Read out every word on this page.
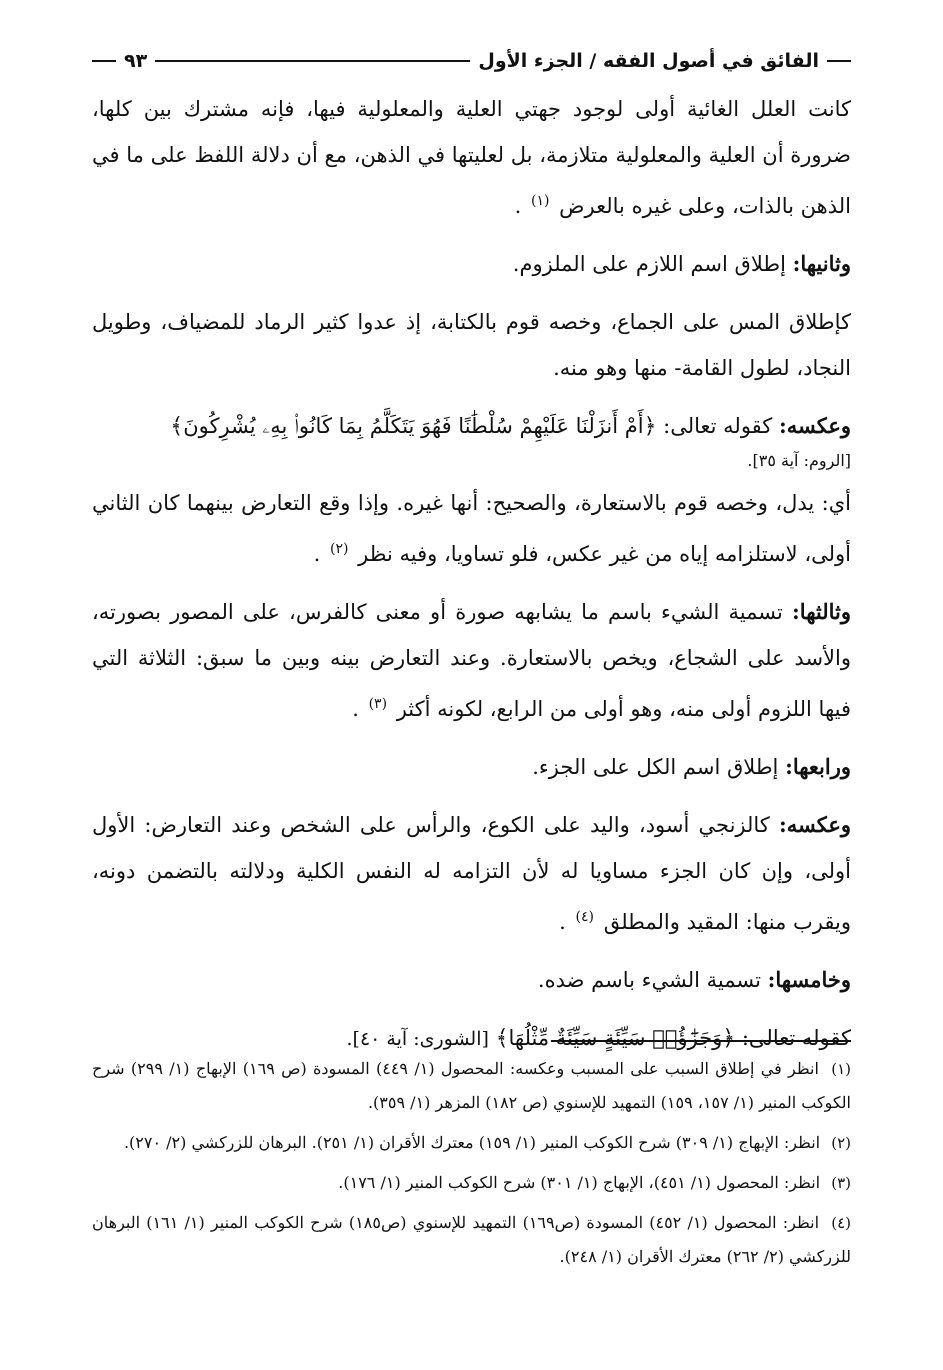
الفائق في أصول الفقه / الجزء الأول
٩٣

كانت العلل الغائية أولى لوجود جهتي العلية والمعلولية فيها، فإنه مشترك بين كلها، ضرورة أن العلية والمعلولية متلازمة، بل لعليتها في الذهن، مع أن دلالة اللفظ على ما في الذهن بالذات، وعلى غيره بالعرض $^{(١)}$ .

وثانيها: إطلاق اسم اللازم على الملزوم.

كإطلاق المس على الجماع، وخصه قوم بالكتابة، إذ عدوا كثير الرماد للمضياف، وطويل النجاد، لطول القامة- منها وهو منه.

وعكسه: كقوله تعالى: ﴿أَمْ أَنزَلْنَا عَلَيْهِمْ سُلْطَٰنًا فَهُوَ يَتَكَلَّمُ بِمَا كَانُوا۟ بِهِۦ يُشْرِكُونَ﴾
[الروم: آية ٣٥].

أي: يدل، وخصه قوم بالاستعارة، والصحيح: أنها غيره. وإذا وقع التعارض بينهما كان الثاني أولى، لاستلزامه إياه من غير عكس، فلو تساويا، وفيه نظر $^{(٢)}$ .

وثالثها: تسمية الشيء باسم ما يشابهه صورة أو معنى كالفرس، على المصور بصورته، والأسد على الشجاع، ويخص بالاستعارة. وعند التعارض بينه وبين ما سبق: الثلاثة التي فيها اللزوم أولى منه، وهو أولى من الرابع، لكونه أكثر $^{(٣)}$ .

ورابعها: إطلاق اسم الكل على الجزء.

وعكسه: كالزنجي أسود، واليد على الكوع، والرأس على الشخص وعند التعارض: الأول أولى، وإن كان الجزء مساويا له لأن التزامه له النفس الكلية ودلالته بالتضمن دونه، ويقرب منها: المقيد والمطلق $^{(٤)}$ .

وخامسها: تسمية الشيء باسم ضده.

كقوله تعالى: ﴿وَجَزَٰٓؤُا۟ سَيِّئَةٍ سَيِّئَةٌ مِّثْلُهَا﴾ [الشورى: آية ٤٠].

(١) انظر في إطلاق السبب على المسبب وعكسه: المحصول (١/ ٤٤٩) المسودة (ص ١٦٩) الإبهاج (١/ ٢٩٩) شرح الكوكب المنير (١/ ١٥٧، ١٥٩) التمهيد للإسنوي (ص ١٨٢) المزهر (١/ ٣٥٩).

(٢) انظر: الإبهاج (١/ ٣٠٩) شرح الكوكب المنير (١/ ١٥٩) معترك الأقران (١/ ٢٥١). البرهان للزركشي (٢/ ٢٧٠).

(٣) انظر: المحصول (١/ ٤٥١)، الإبهاج (١/ ٣٠١) شرح الكوكب المنير (١/ ١٧٦).

(٤) انظر: المحصول (١/ ٤٥٢) المسودة (ص١٦٩) التمهيد للإسنوي (ص١٨٥) شرح الكوكب المنير (١/ ١٦١) البرهان للزركشي (٢/ ٢٦٢) معترك الأقران (١/ ٢٤٨).
